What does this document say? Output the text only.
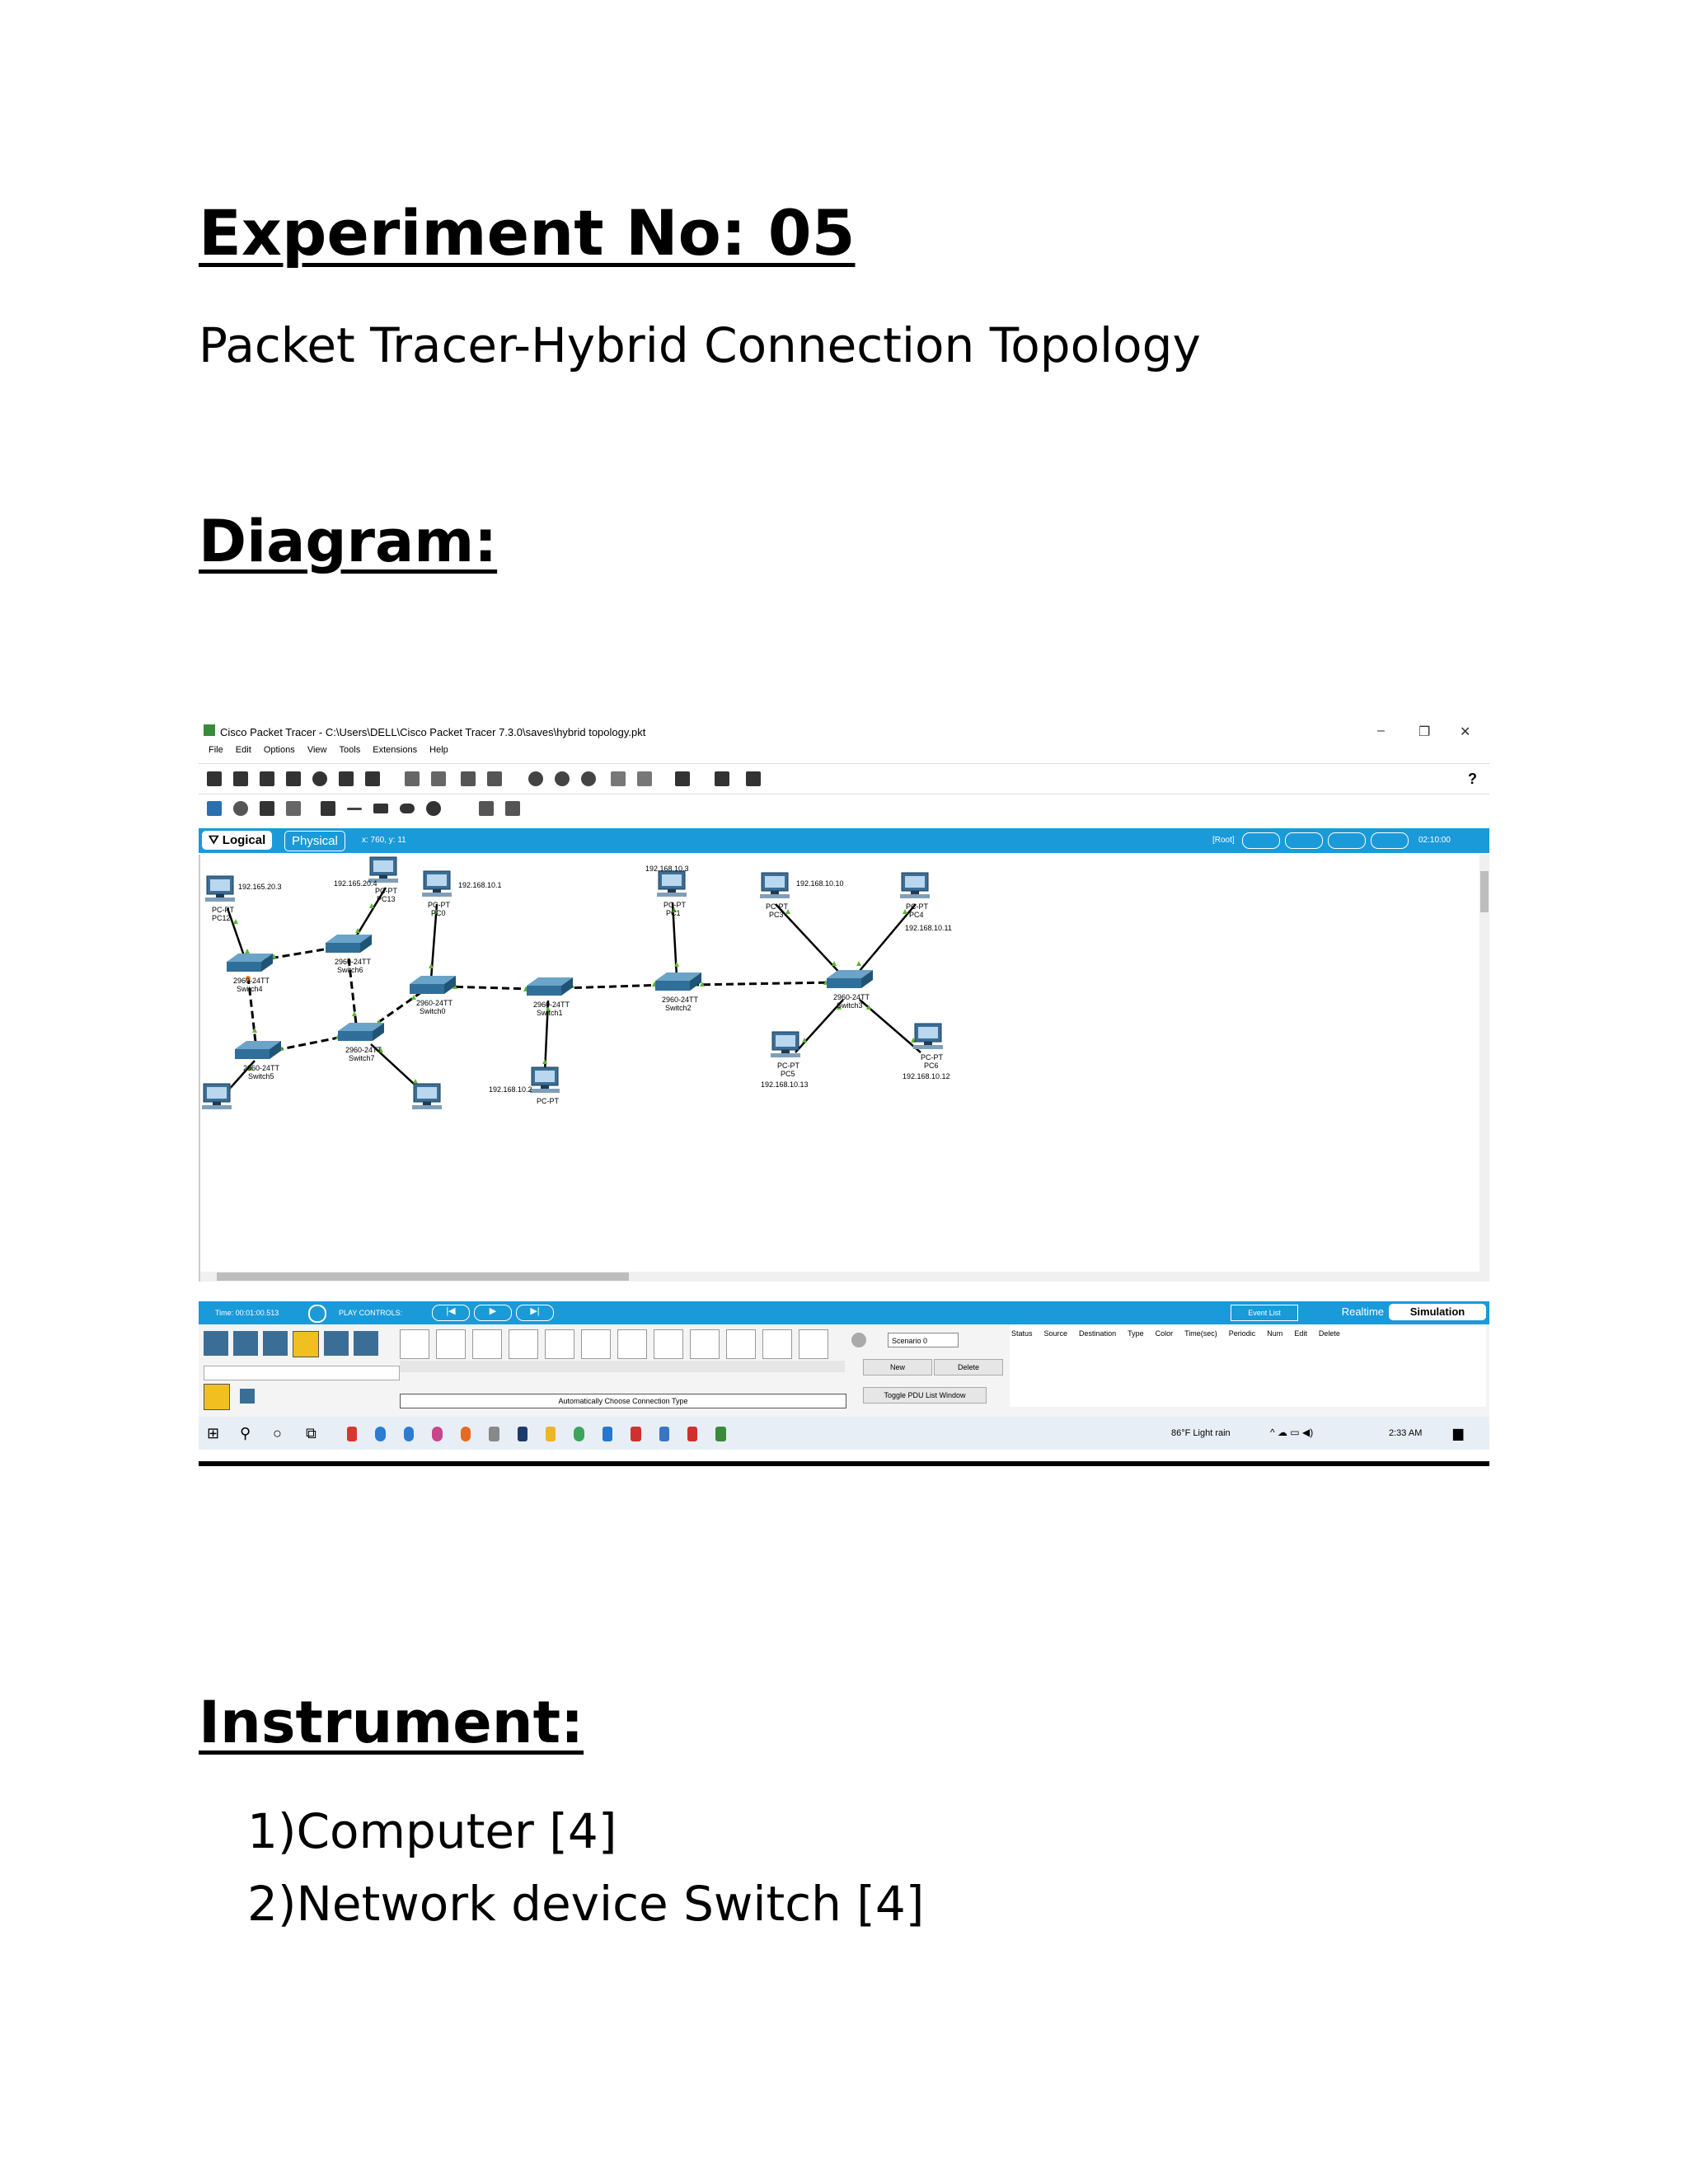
Experiment No: 05
Packet Tracer-Hybrid Connection Topology
Diagram:
Cisco Packet Tracer - C:\Users\DELL\Cisco Packet Tracer 7.3.0\saves\hybrid topology.pkt	–	❐ ✕
File Edit Options View Tools Extensions Help
?
⛛ Logical	Physical	x: 760, y: 11	[Root]	02:10:00
2960-24TT
Switch4
2960-24TT
Switch6
2960-24TT
Switch5
2960-24TT
Switch7
2960-24TT
Switch0
2960-24TT
Switch1
2960-24TT
Switch2
2960-24TT
Switch3
PC-PT
PC12
192.165.20.3	PC-PT
PC13
192.165.20.4
PC-PT
PC0
192.168.10.1
PC-PT
PC1
192.168.10.3
PC-PT
PC3
192.168.10.10
PC-PT
PC4
192.168.10.11
PC-PT
PC5
192.168.10.13
PC-PT
PC6
192.168.10.12
PC-PT
192.168.10.2
Time: 00:01:00.513	PLAY CONTROLS:	|◀	▶	▶|	Event List	Realtime	Simulation
Automatically Choose Connection Type
Scenario 0
New	Delete
Toggle PDU List Window
Status Source Destination Type Color Time(sec) Periodic Num Edit Delete
⊞ ⚲ ○ ⧉	86°F Light rain	^ ☁ ▭ ◀)	2:33 AM ▆
Instrument:
1)Computer [4]
2)Network device Switch [4]
